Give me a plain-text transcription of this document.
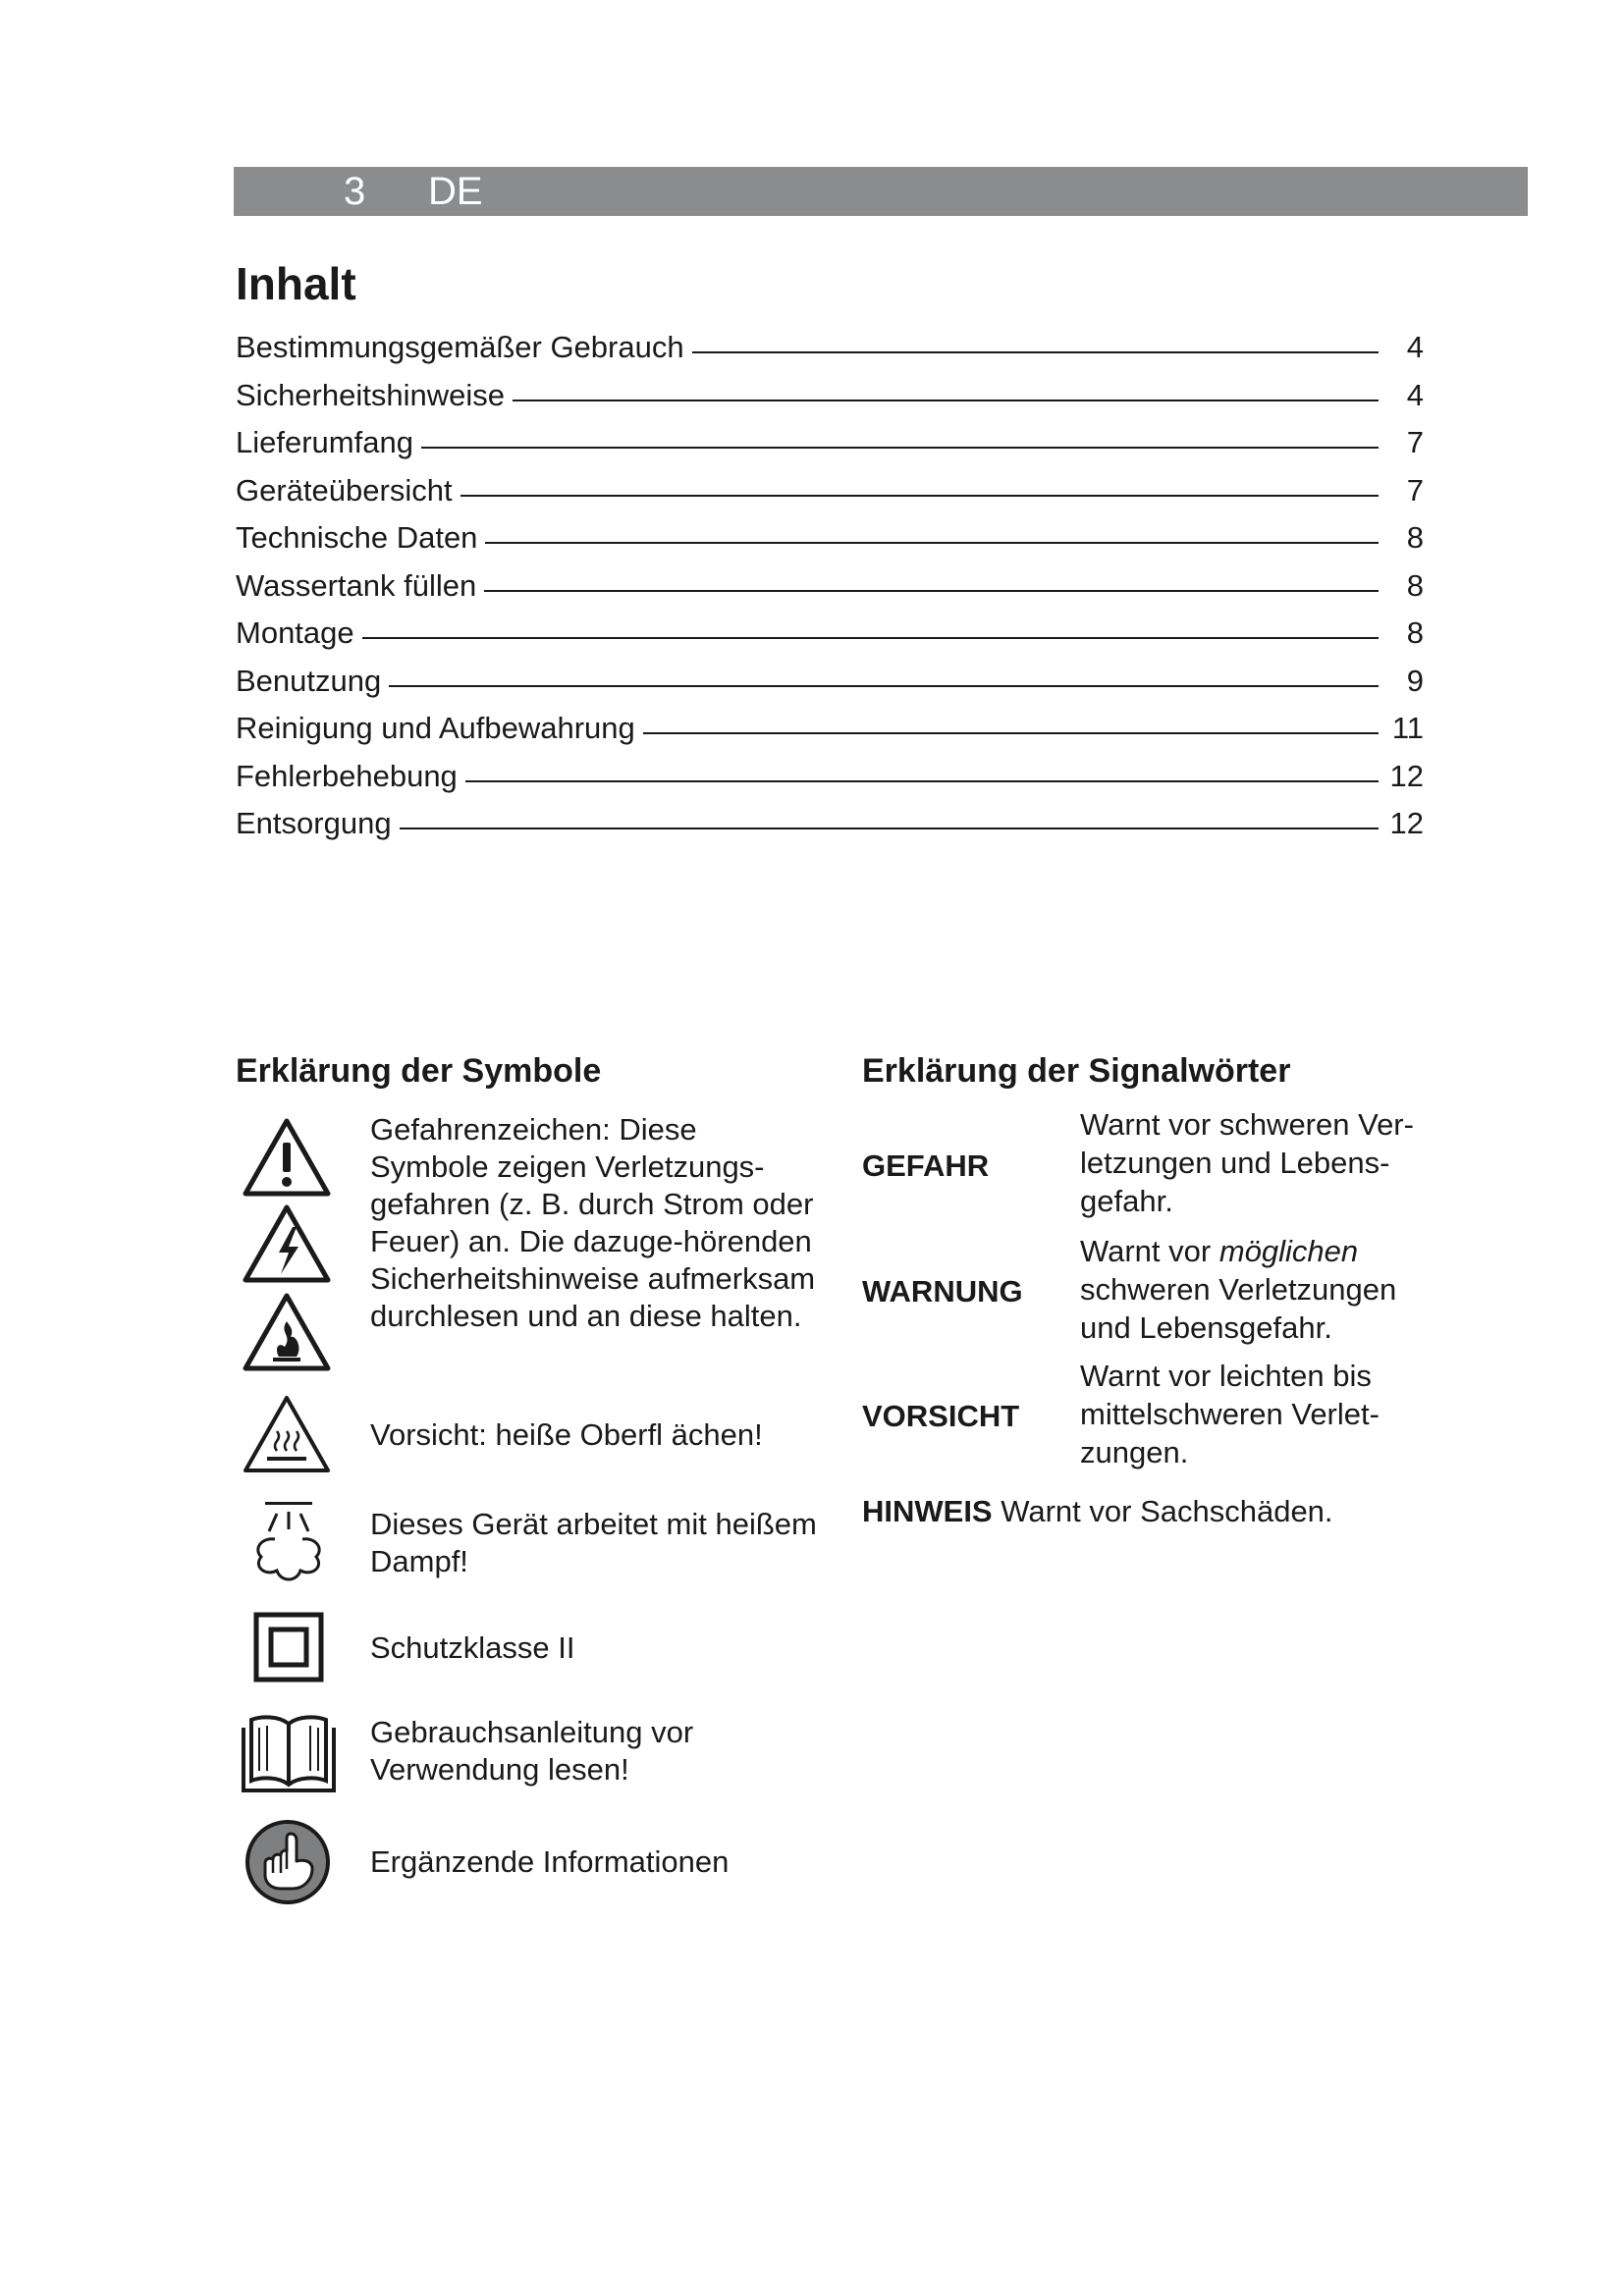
3 DE
Inhalt
Bestimmungsgemäßer Gebrauch	4
Sicherheitshinweise	4
Lieferumfang	7
Geräteübersicht	7
Technische Daten	8
Wassertank füllen	8
Montage	8
Benutzung	9
Reinigung und Aufbewahrung	11
Fehlerbehebung	12
Entsorgung	12
Erklärung der Symbole
Gefahrenzeichen: Diese Symbole zeigen Verletzungs-gefahren (z. B. durch Strom oder Feuer) an. Die dazuge-hörenden Sicherheitshinweise aufmerksam durchlesen und an diese halten.
Vorsicht: heiße Oberfl ächen!
Dieses Gerät arbeitet mit heißem Dampf!
Schutzklasse II
Gebrauchsanleitung vor Verwendung lesen!
Ergänzende Informationen
Erklärung der Signalwörter
GEFAHR
Warnt vor schweren Ver-letzungen und Lebens-gefahr.
WARNUNG
Warnt vor möglichen schweren Verletzungen und Lebensgefahr.
VORSICHT
Warnt vor leichten bis mittelschweren Verlet-zungen.
HINWEIS Warnt vor Sachschäden.
